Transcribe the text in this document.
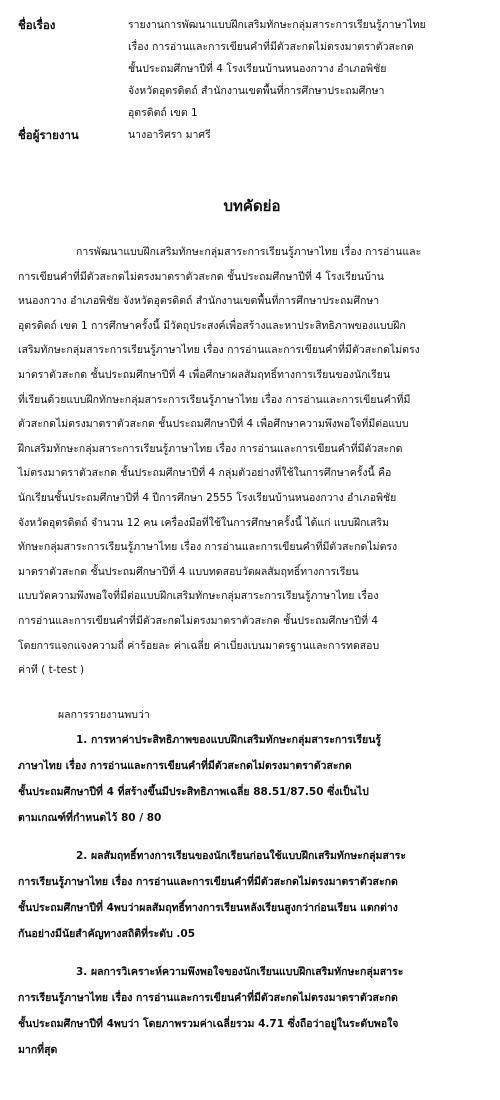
ชื่อเรื่อง	รายงานการพัฒนาแบบฝึกเสริมทักษะกลุ่มสาระการเรียนรู้ภาษาไทย
เรื่อง การอ่านและการเขียนคำที่มีตัวสะกดไม่ตรงมาตราตัวสะกด
ชั้นประถมศึกษาปีที่ 4 โรงเรียนบ้านหนองกวาง อำเภอพิชัย
จังหวัดอุตรดิตถ์ สำนักงานเขตพื้นที่การศึกษาประถมศึกษา
อุตรดิตถ์ เขต 1
ชื่อผู้รายงาน	นางอาริศรา มาศรี
บทคัดย่อ
การพัฒนาแบบฝึกเสริมทักษะกลุ่มสาระการเรียนรู้ภาษาไทย เรื่อง การอ่านและ
การเขียนคำที่มีตัวสะกดไม่ตรงมาตราตัวสะกด ชั้นประถมศึกษาปีที่ 4 โรงเรียนบ้าน
หนองกวาง อำเภอพิชัย จังหวัดอุตรดิตถ์ สำนักงานเขตพื้นที่การศึกษาประถมศึกษา
อุตรดิตถ์ เขต 1 การศึกษาครั้งนี้ มีวัตถุประสงค์เพื่อสร้างและหาประสิทธิภาพของแบบฝึก
เสริมทักษะกลุ่มสาระการเรียนรู้ภาษาไทย เรื่อง การอ่านและการเขียนคำที่มีตัวสะกดไม่ตรง
มาตราตัวสะกด ชั้นประถมศึกษาปีที่ 4 เพื่อศึกษาผลสัมฤทธิ์ทางการเรียนของนักเรียน
ที่เรียนด้วยแบบฝึกทักษะกลุ่มสาระการเรียนรู้ภาษาไทย เรื่อง การอ่านและการเขียนคำที่มี
ตัวสะกดไม่ตรงมาตราตัวสะกด ชั้นประถมศึกษาปีที่ 4 เพื่อศึกษาความพึงพอใจที่มีต่อแบบ
ฝึกเสริมทักษะกลุ่มสาระการเรียนรู้ภาษาไทย เรื่อง การอ่านและการเขียนคำที่มีตัวสะกด
ไม่ตรงมาตราตัวสะกด ชั้นประถมศึกษาปีที่ 4 กลุ่มตัวอย่างที่ใช้ในการศึกษาครั้งนี้ คือ
นักเรียนชั้นประถมศึกษาปีที่ 4 ปีการศึกษา 2555 โรงเรียนบ้านหนองกวาง อำเภอพิชัย
จังหวัดอุตรดิตถ์ จำนวน 12 คน เครื่องมือที่ใช้ในการศึกษาครั้งนี้ ได้แก่ แบบฝึกเสริม
ทักษะกลุ่มสาระการเรียนรู้ภาษาไทย เรื่อง การอ่านและการเขียนคำที่มีตัวสะกดไม่ตรง
มาตราตัวสะกด ชั้นประถมศึกษาปีที่ 4 แบบทดสอบวัดผลสัมฤทธิ์ทางการเรียน
แบบวัดความพึงพอใจที่มีต่อแบบฝึกเสริมทักษะกลุ่มสาระการเรียนรู้ภาษาไทย เรื่อง
การอ่านและการเขียนคำที่มีตัวสะกดไม่ตรงมาตราตัวสะกด ชั้นประถมศึกษาปีที่ 4
โดยการแจกแจงความถี่ ค่าร้อยละ ค่าเฉลี่ย ค่าเบี่ยงเบนมาตรฐานและการทดสอบ
ค่าที ( t-test )
ผลการรายงานพบว่า
1. การหาค่าประสิทธิภาพของแบบฝึกเสริมทักษะกลุ่มสาระการเรียนรู้
ภาษาไทย เรื่อง การอ่านและการเขียนคำที่มีตัวสะกดไม่ตรงมาตราตัวสะกด
ชั้นประถมศึกษาปีที่ 4 ที่สร้างขึ้นมีประสิทธิภาพเฉลี่ย 88.51/87.50 ซึ่งเป็นไป
ตามเกณฑ์ที่กำหนดไว้ 80 / 80
2. ผลสัมฤทธิ์ทางการเรียนของนักเรียนก่อนใช้แบบฝึกเสริมทักษะกลุ่มสาระ
การเรียนรู้ภาษาไทย เรื่อง การอ่านและการเขียนคำที่มีตัวสะกดไม่ตรงมาตราตัวสะกด
ชั้นประถมศึกษาปีที่ 4พบว่าผลสัมฤทธิ์ทางการเรียนหลังเรียนสูงกว่าก่อนเรียน แตกต่าง
กันอย่างมีนัยสำคัญทางสถิติที่ระดับ .05
3. ผลการวิเคราะห์ความพึงพอใจของนักเรียนแบบฝึกเสริมทักษะกลุ่มสาระ
การเรียนรู้ภาษาไทย เรื่อง การอ่านและการเขียนคำที่มีตัวสะกดไม่ตรงมาตราตัวสะกด
ชั้นประถมศึกษาปีที่ 4พบว่า โดยภาพรวมค่าเฉลี่ยรวม 4.71 ซึ่งถือว่าอยู่ในระดับพอใจ
มากที่สุด
